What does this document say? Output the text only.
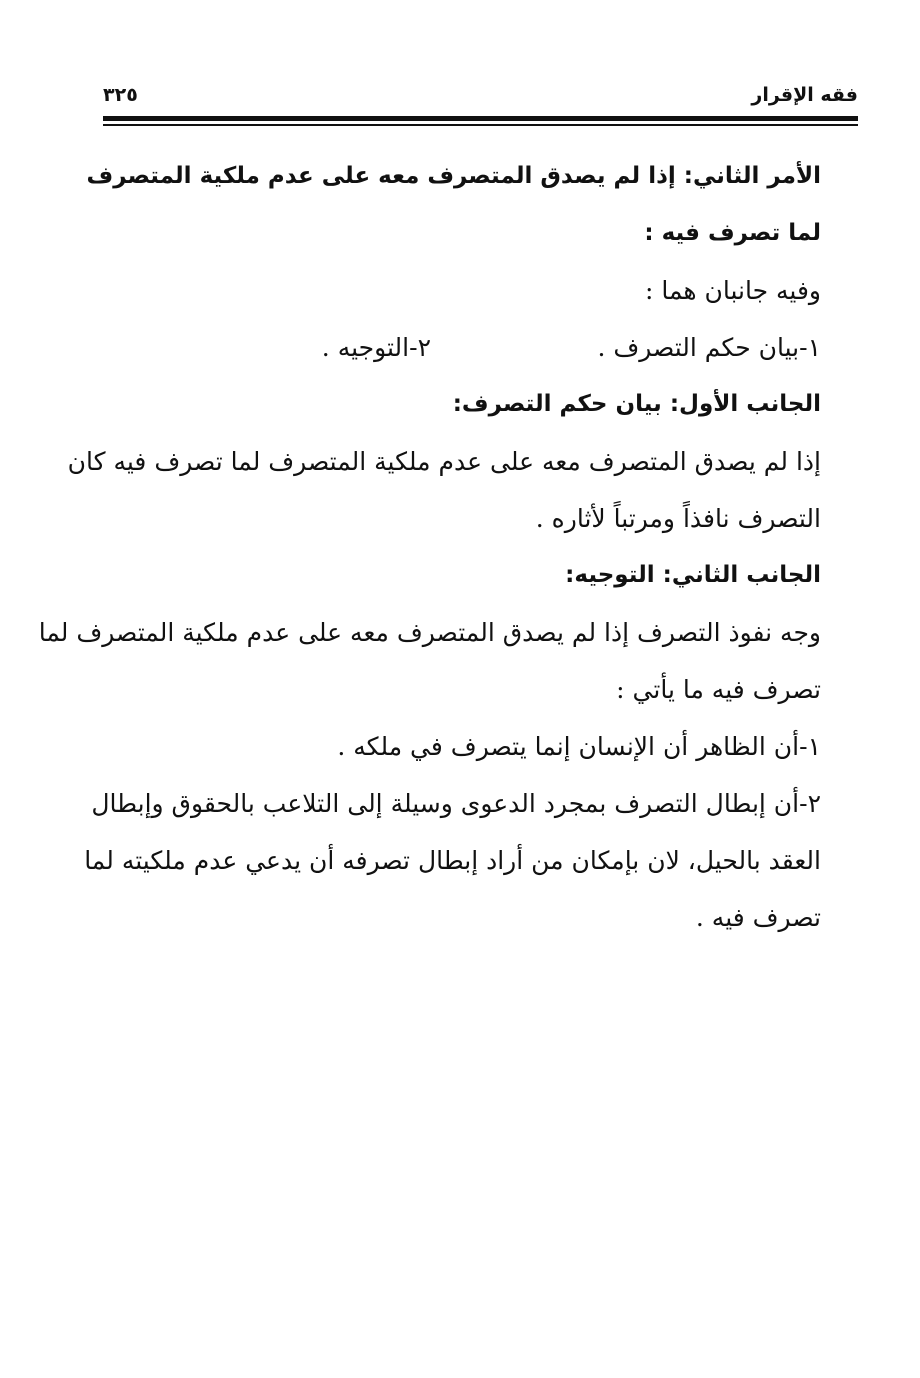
فقه الإقرار
٣٢٥
الأمر الثاني: إذا لم يصدق المتصرف معه على عدم ملكية المتصرف
لما تصرف فيه :
وفيه جانبان هما :
١-بيان حكم التصرف .
٢-التوجيه .
الجانب الأول: بيان حكم التصرف:
إذا لم يصدق المتصرف معه على عدم ملكية المتصرف لما تصرف فيه كان
التصرف نافذاً ومرتباً لأثاره .
الجانب الثاني: التوجيه:
وجه نفوذ التصرف إذا لم يصدق المتصرف معه على عدم ملكية المتصرف لما
تصرف فيه ما يأتي :
١-أن الظاهر أن الإنسان إنما يتصرف في ملكه .
٢-أن إبطال التصرف بمجرد الدعوى وسيلة إلى التلاعب بالحقوق وإبطال
العقد بالحيل، لان بإمكان من أراد إبطال تصرفه أن يدعي عدم ملكيته لما
تصرف فيه .
